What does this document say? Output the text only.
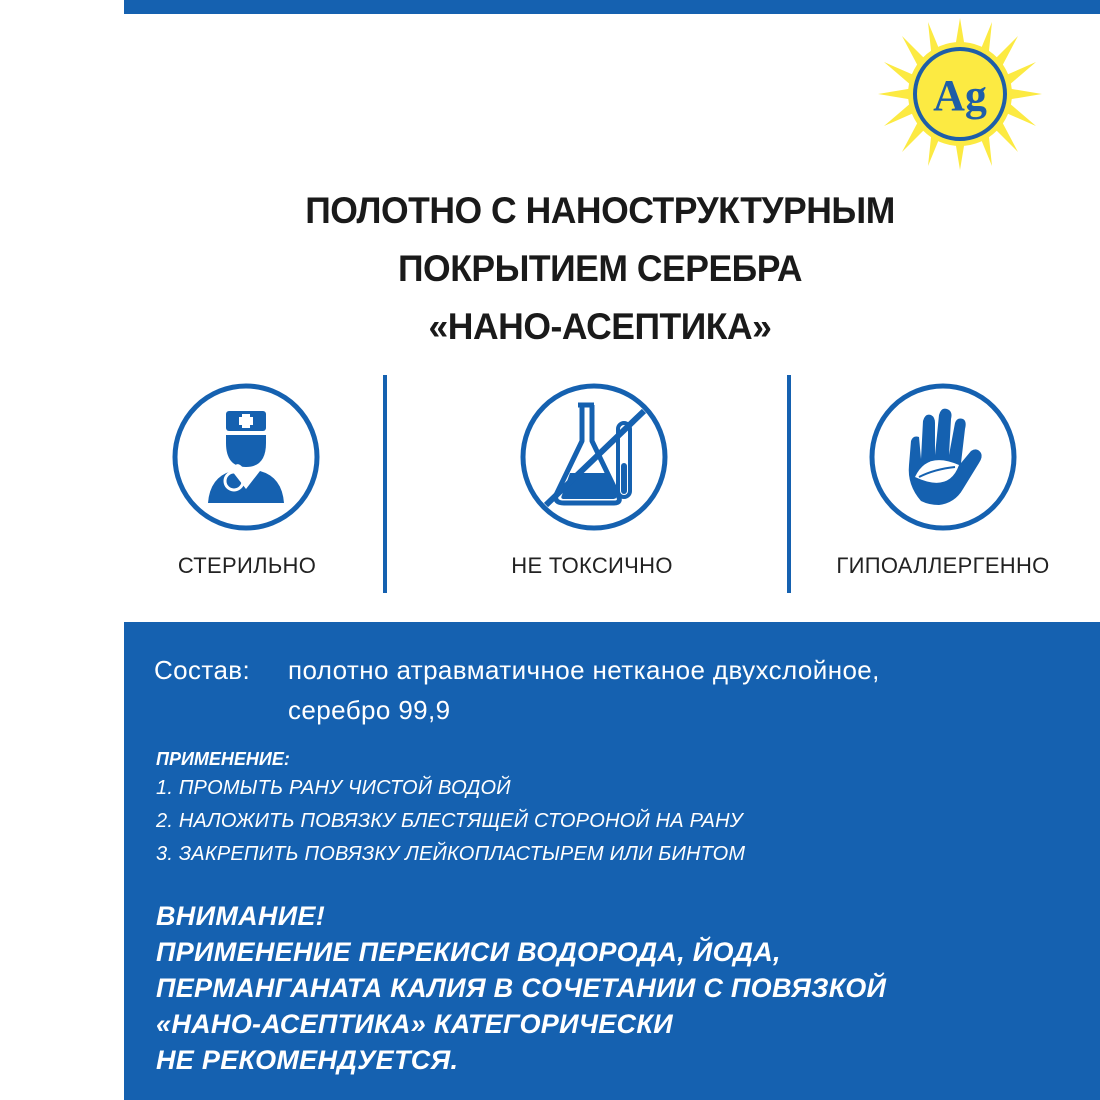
Ag
ПОЛОТНО С НАНОСТРУКТУРНЫМ
ПОКРЫТИЕМ СЕРЕБРА
«НАНО-АСЕПТИКА»
СТЕРИЛЬНО	НЕ ТОКСИЧНО	ГИПОАЛЛЕРГЕННО
Состав: полотно атравматичное нетканое двухслойное,
серебро 99,9
ПРИМЕНЕНИЕ:
1. ПРОМЫТЬ РАНУ ЧИСТОЙ ВОДОЙ
2. НАЛОЖИТЬ ПОВЯЗКУ БЛЕСТЯЩЕЙ СТОРОНОЙ НА РАНУ
3. ЗАКРЕПИТЬ ПОВЯЗКУ ЛЕЙКОПЛАСТЫРЕМ ИЛИ БИНТОМ
ВНИМАНИЕ!
ПРИМЕНЕНИЕ ПЕРЕКИСИ ВОДОРОДА, ЙОДА,
ПЕРМАНГАНАТА КАЛИЯ В СОЧЕТАНИИ С ПОВЯЗКОЙ
«НАНО-АСЕПТИКА» КАТЕГОРИЧЕСКИ
НЕ РЕКОМЕНДУЕТСЯ.
